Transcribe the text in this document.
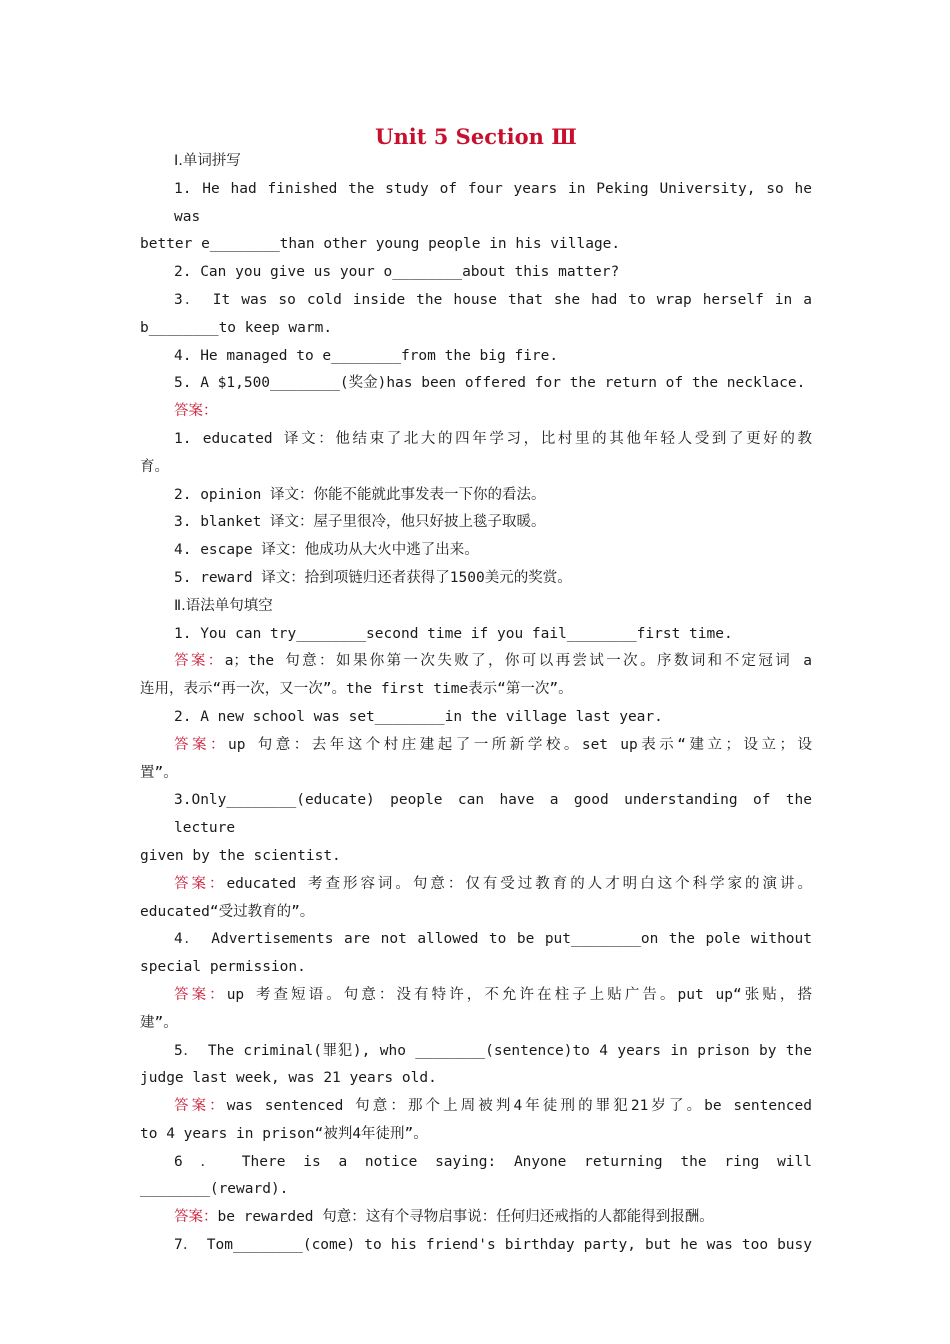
Unit 5 Section Ⅲ
Ⅰ.单词拼写
1. He had finished the study of four years in Peking University, so he was
better e________than other young people in his village.
2. Can you give us your o________about this matter?
3． It was so cold inside the house that she had to wrap herself in a
b________to keep warm.
4. He managed to e________from the big fire.
5. A $1,500________(奖金)has been offered for the return of the necklace.
答案：
1. educated 译文：他结束了北大的四年学习，比村里的其他年轻人受到了更好的教
育。
2. opinion 译文：你能不能就此事发表一下你的看法。
3. blanket 译文：屋子里很冷，他只好披上毯子取暖。
4. escape 译文：他成功从大火中逃了出来。
5. reward 译文：拾到项链归还者获得了1500美元的奖赏。
Ⅱ.语法单句填空
1. You can try________second time if you fail________first time.
答案：a；the 句意：如果你第一次失败了，你可以再尝试一次。序数词和不定冠词 a
连用，表示“再一次，又一次”。the first time表示“第一次”。
2. A new school was set________in the village last year.
答案：up 句意：去年这个村庄建起了一所新学校。set up表示“建立；设立；设
置”。
3.Only________(educate) people can have a good understanding of the lecture
given by the scientist.
答案：educated 考查形容词。句意：仅有受过教育的人才明白这个科学家的演讲。
educated“受过教育的”。
4． Advertisements are not allowed to be put________on the pole without
special permission.
答案：up 考查短语。句意：没有特许，不允许在柱子上贴广告。put up“张贴，搭
建”。
5． The criminal(罪犯), who ________(sentence)to 4 years in prison by the
judge last week, was 21 years old.
答案：was sentenced 句意：那个上周被判4年徒刑的罪犯21岁了。be sentenced
to 4 years in prison“被判4年徒刑”。
6 ． There is a notice saying: Anyone returning the ring will
________(reward).
答案：be rewarded 句意：这有个寻物启事说：任何归还戒指的人都能得到报酬。
7． Tom________(come) to his friend's birthday party, but he was too busy
